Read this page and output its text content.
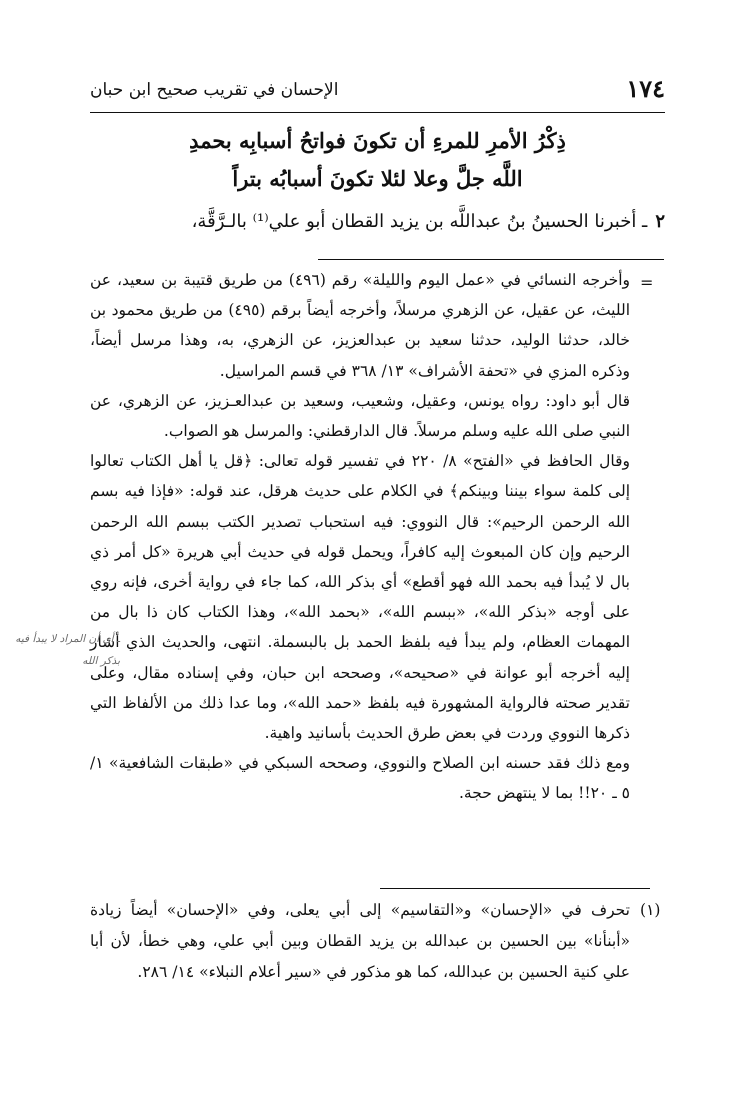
١٧٤
الإحسان في تقريب صحيح ابن حبان
ذِكْرُ الأمرِ للمرءِ أن تكونَ فواتحُ أسبابِه بحمدِ
اللَّه جلَّ وعلا لئلا تكونَ أسبابُه بتراً
٢ـ أخبرنا الحسينُ بنُ عبداللَّه بن يزيد القطان أبو علي⁽¹⁾ بالـرَّقَّة،
=

وأخرجه النسائي في «عمل اليوم والليلة» رقم (٤٩٦) من طريق قتيبة بن سعيد، عن الليث، عن عقيل، عن الزهري مرسلاً، وأخرجه أيضاً برقم (٤٩٥) من طريق محمود بن خالد، حدثنا الوليد، حدثنا سعيد بن عبدالعزيز، عن الزهري، به، وهذا مرسل أيضاً، وذكره المزي في «تحفة الأشراف» ١٣/ ٣٦٨ في قسم المراسيل.

قال أبو داود: رواه يونس، وعقيل، وشعيب، وسعيد بن عبدالعـزيز، عن الزهري، عن النبي صلى الله عليه وسلم مرسلاً. قال الدارقطني: والمرسل هو الصواب.

وقال الحافظ في «الفتح» ٨/ ٢٢٠ في تفسير قوله تعالى: ﴿قل يا أهل الكتاب تعالوا إلى كلمة سواء بيننا وبينكم﴾ في الكلام على حديث هرقل، عند قوله: «فإذا فيه بسم الله الرحمن الرحيم»: قال النووي: فيه استحباب تصدير الكتب ببسم الله الرحمن الرحيم وإن كان المبعوث إليه كافراً، ويحمل قوله في حديث أبي هريرة «كل أمر ذي بال لا يُبدأ فيه بحمد الله فهو أقطع» أي بذكر الله، كما جاء في رواية أخرى، فإنه روي على أوجه «بذكر الله»، «ببسم الله»، «بحمد الله»، وهذا الكتاب كان ذا بال من المهمات العظام، ولم يبدأ فيه بلفظ الحمد بل بالبسملة. انتهى، والحديث الذي أشار إليه أخرجه أبو عوانة في «صحيحه»، وصححه ابن حبان، وفي إسناده مقال، وعلى تقدير صحته فالرواية المشهورة فيه بلفظ «حمد الله»، وما عدا ذلك من الألفاظ التي ذكرها النووي وردت في بعض طرق الحديث بأسانيد واهية.

ومع ذلك فقد حسنه ابن الصلاح والنووي، وصححه السبكي في «طبقات الشافعية» ١/ ٥ ـ ٢٠!! بما لا ينتهض حجة.

(١)
تحرف في «الإحسان» و«التقاسيم» إلى أبي يعلى، وفي «الإحسان» أيضاً زيادة «أبنأنا» بين الحسين بن عبدالله بن يزيد القطان وبين أبي علي، وهي خطأ، لأن أبا علي كنية الحسين بن عبدالله، كما هو مذكور في «سير أعلام النبلاء» ١٤/ ٢٨٦.
ـ أي أن المراد لا يبدأ فيه بذكر الله
